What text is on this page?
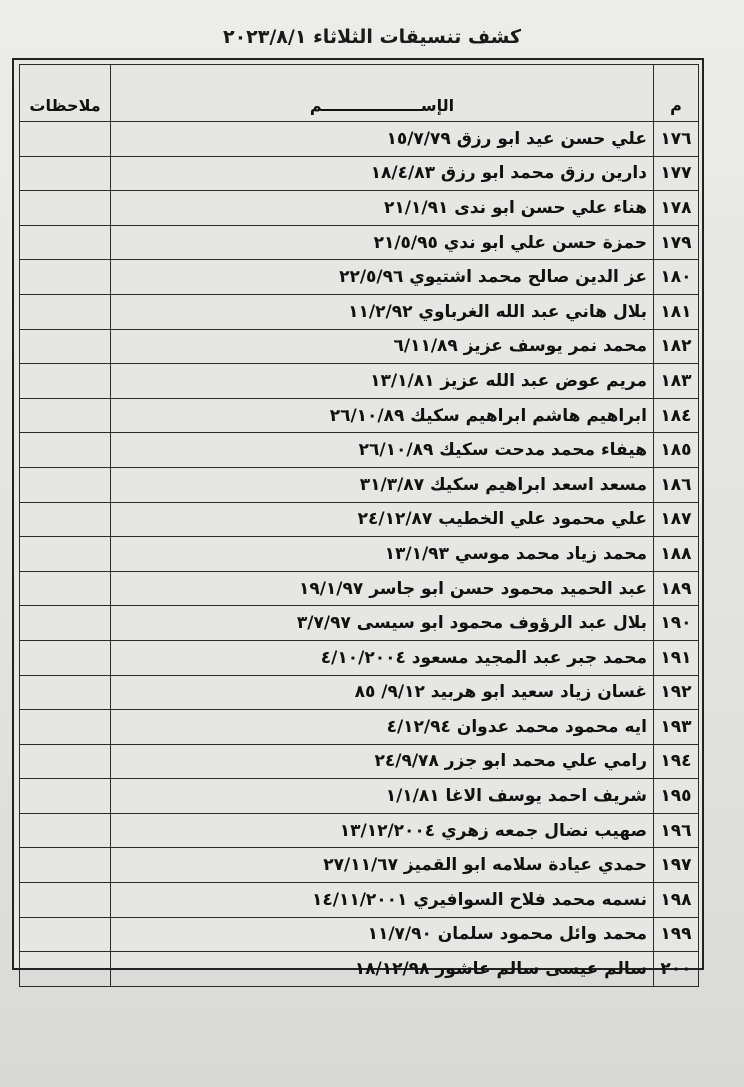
كشف تنسيقات الثلاثاء ٢٠٢٣/٨/١
م	الإســــــــــــــــــم	ملاحظات
١٧٦	علي حسن عيد ابو رزق ١٥/٧/٧٩	
١٧٧	دارين رزق محمد ابو رزق ١٨/٤/٨٣	
١٧٨	هناء علي حسن ابو ندى ٢١/١/٩١	
١٧٩	حمزة حسن علي ابو ندي ٢١/٥/٩٥	
١٨٠	عز الدين صالح محمد اشتيوي ٢٢/٥/٩٦	
١٨١	بلال هاني عبد الله الغرباوي ١١/٢/٩٢	
١٨٢	محمد نمر يوسف عزيز ٦/١١/٨٩	
١٨٣	مريم عوض عبد الله عزيز ١٣/١/٨١	
١٨٤	ابراهيم هاشم ابراهيم سكيك ٢٦/١٠/٨٩	
١٨٥	هيفاء محمد مدحت سكيك ٢٦/١٠/٨٩	
١٨٦	مسعد اسعد ابراهيم سكيك ٣١/٣/٨٧	
١٨٧	علي محمود علي الخطيب ٢٤/١٢/٨٧	
١٨٨	محمد زياد محمد موسي ١٣/١/٩٣	
١٨٩	عبد الحميد محمود حسن ابو جاسر ١٩/١/٩٧	
١٩٠	بلال عبد الرؤوف محمود ابو سيسى ٣/٧/٩٧	
١٩١	محمد جبر عبد المجيد مسعود ٤/١٠/٢٠٠٤	
١٩٢	غسان زياد سعيد ابو هربيد ٩/١٢/ ٨٥	
١٩٣	ايه محمود محمد عدوان ٤/١٢/٩٤	
١٩٤	رامي علي محمد ابو جزر ٢٤/٩/٧٨	
١٩٥	شريف احمد يوسف الاغا ١/١/٨١	
١٩٦	صهيب نضال جمعه زهري ١٣/١٢/٢٠٠٤	
١٩٧	حمدي عيادة سلامه ابو القميز ٢٧/١١/٦٧	
١٩٨	نسمه محمد فلاح السوافيري ١٤/١١/٢٠٠١	
١٩٩	محمد وائل محمود سلمان ١١/٧/٩٠	
٢٠٠	سالم عيسى سالم عاشور ١٨/١٢/٩٨	
